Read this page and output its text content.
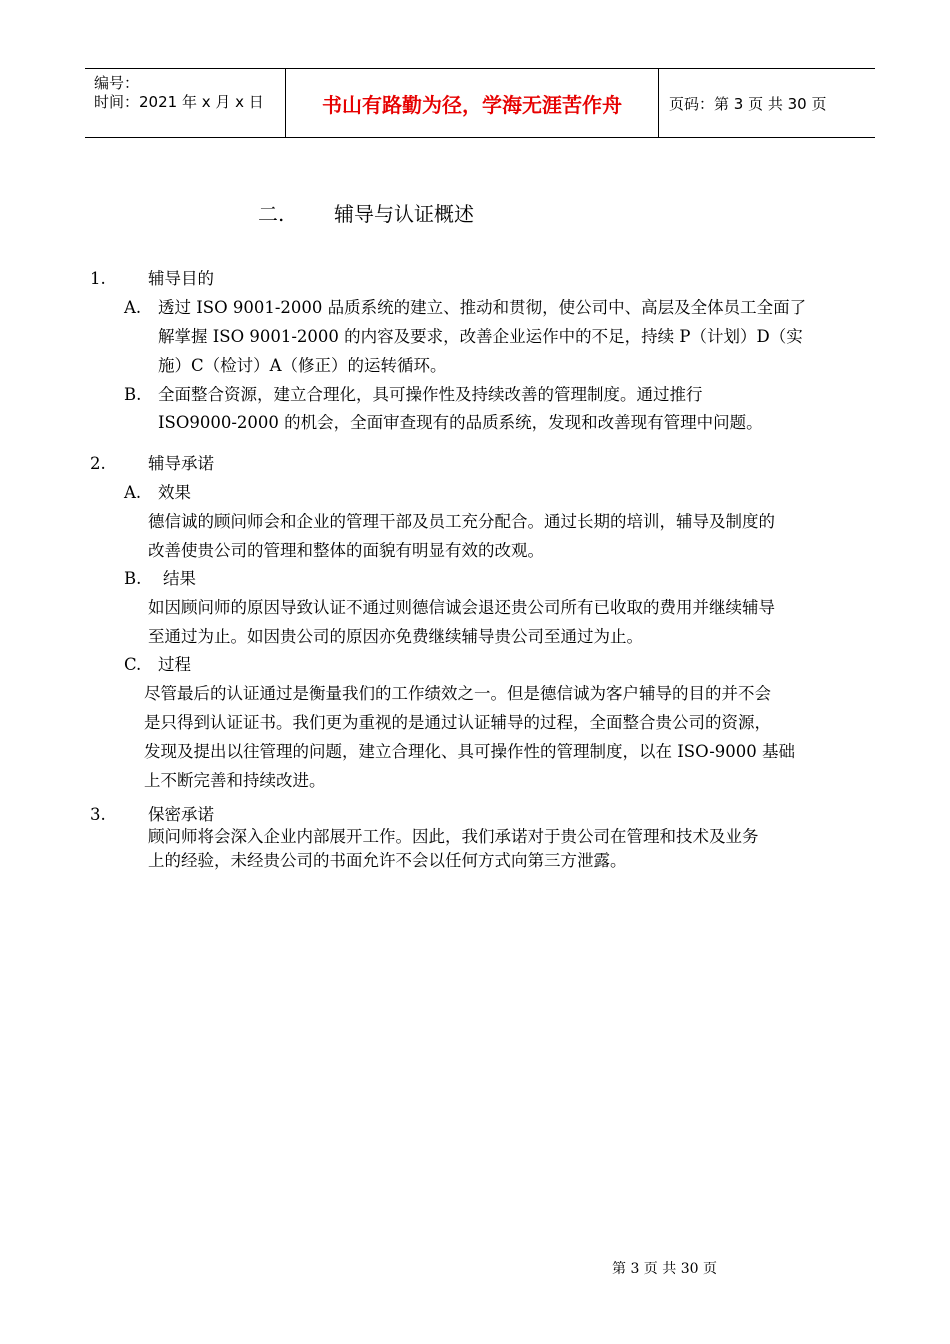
编号：
时间：2021 年 x 月 x 日	书山有路勤为径，学海无涯苦作舟	页码：第 3 页 共 30 页
二. 辅导与认证概述
1.	辅导目的
A. 透过 ISO 9001-2000 品质系统的建立、推动和贯彻，使公司中、高层及全体员工全面了
解掌握 ISO 9001-2000 的内容及要求，改善企业运作中的不足，持续 P（计划）D（实
施）C（检讨）A（修正）的运转循环。
B. 全面整合资源，建立合理化，具可操作性及持续改善的管理制度。通过推行
ISO9000-2000 的机会，全面审查现有的品质系统，发现和改善现有管理中问题。
2.	辅导承诺
A. 效果
德信诚的顾问师会和企业的管理干部及员工充分配合。通过长期的培训，辅导及制度的
改善使贵公司的管理和整体的面貌有明显有效的改观。
B. 结果
如因顾问师的原因导致认证不通过则德信诚会退还贵公司所有已收取的费用并继续辅导
至通过为止。如因贵公司的原因亦免费继续辅导贵公司至通过为止。
C. 过程
尽管最后的认证通过是衡量我们的工作绩效之一。但是德信诚为客户辅导的目的并不会
是只得到认证证书。我们更为重视的是通过认证辅导的过程，全面整合贵公司的资源，
发现及提出以往管理的问题，建立合理化、具可操作性的管理制度，以在 ISO-9000 基础
上不断完善和持续改进。
3.	保密承诺
顾问师将会深入企业内部展开工作。因此，我们承诺对于贵公司在管理和技术及业务
上的经验，未经贵公司的书面允许不会以任何方式向第三方泄露。
第 3 页 共 30 页
